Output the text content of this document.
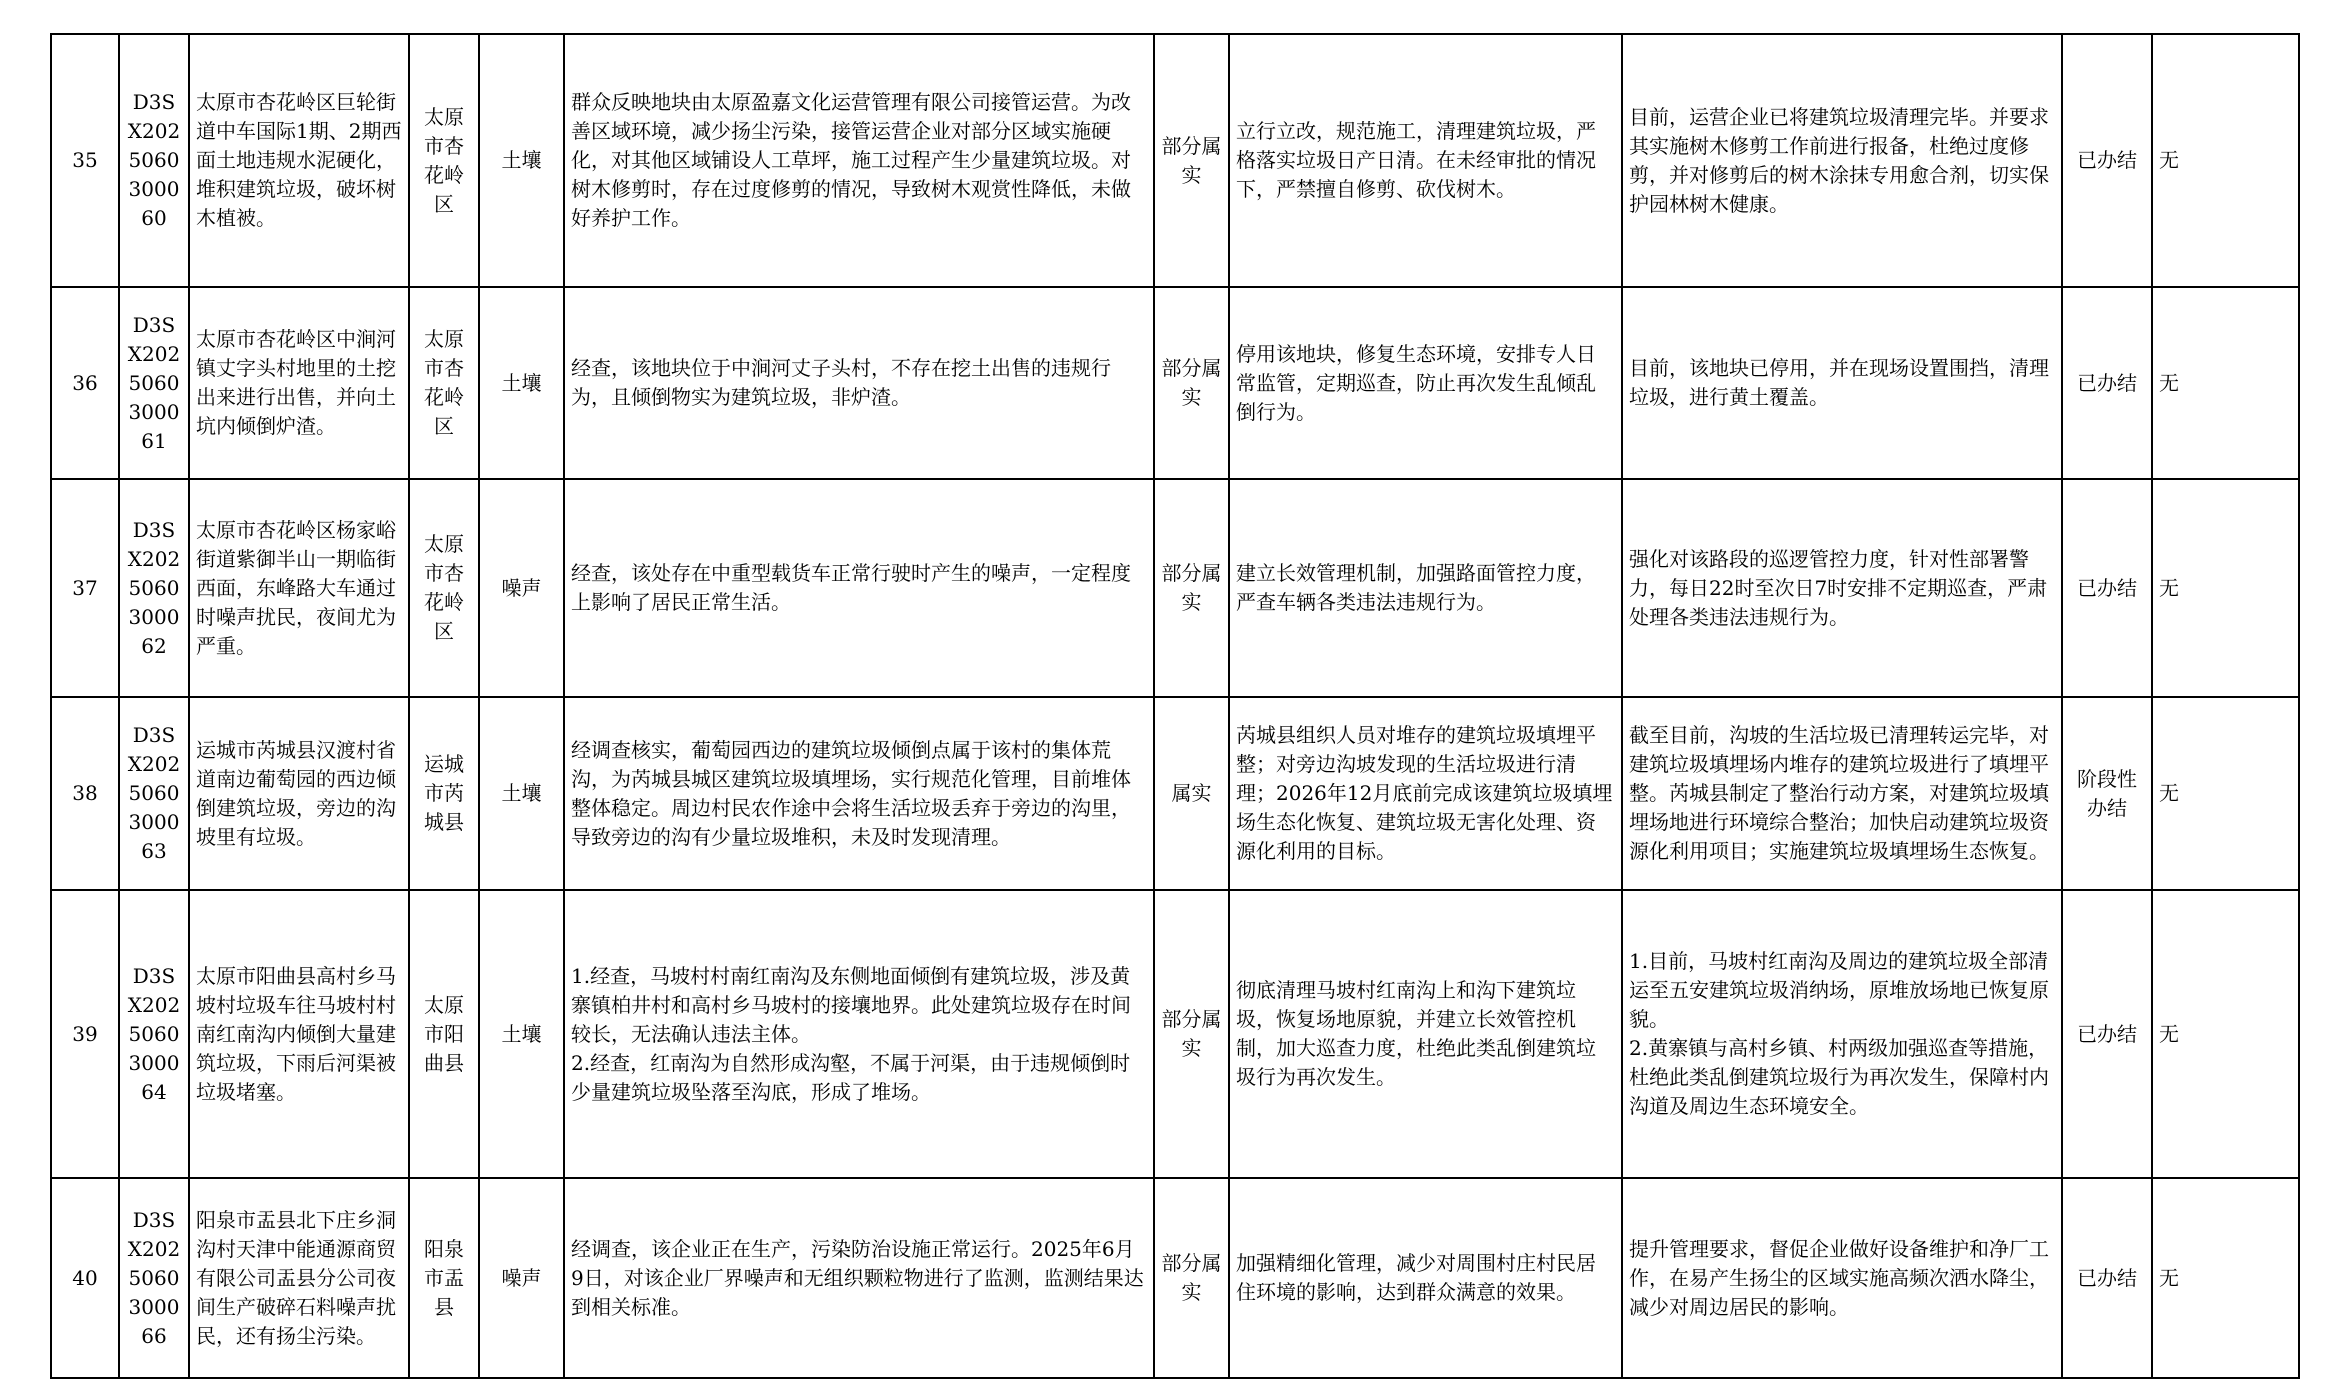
35	D3SX2025060300060	太原市杏花岭区巨轮街道中车国际1期、2期西面土地违规水泥硬化，堆积建筑垃圾，破坏树木植被。	太原市杏花岭区	土壤	群众反映地块由太原盈嘉文化运营管理有限公司接管运营。为改善区域环境，减少扬尘污染，接管运营企业对部分区域实施硬化，对其他区域铺设人工草坪，施工过程产生少量建筑垃圾。对树木修剪时，存在过度修剪的情况，导致树木观赏性降低，未做好养护工作。	部分属实	立行立改，规范施工，清理建筑垃圾，严格落实垃圾日产日清。在未经审批的情况下，严禁擅自修剪、砍伐树木。	目前，运营企业已将建筑垃圾清理完毕。并要求其实施树木修剪工作前进行报备，杜绝过度修剪，并对修剪后的树木涂抹专用愈合剂，切实保护园林树木健康。	已办结	无
36	D3SX2025060300061	太原市杏花岭区中涧河镇丈字头村地里的土挖出来进行出售，并向土坑内倾倒炉渣。	太原市杏花岭区	土壤	经查，该地块位于中涧河丈子头村，不存在挖土出售的违规行为，且倾倒物实为建筑垃圾，非炉渣。	部分属实	停用该地块，修复生态环境，安排专人日常监管，定期巡查，防止再次发生乱倾乱倒行为。	目前，该地块已停用，并在现场设置围挡，清理垃圾，进行黄土覆盖。	已办结	无
37	D3SX2025060300062	太原市杏花岭区杨家峪街道紫御半山一期临街西面，东峰路大车通过时噪声扰民，夜间尤为严重。	太原市杏花岭区	噪声	经查，该处存在中重型载货车正常行驶时产生的噪声，一定程度上影响了居民正常生活。	部分属实	建立长效管理机制，加强路面管控力度，严查车辆各类违法违规行为。	强化对该路段的巡逻管控力度，针对性部署警力，每日22时至次日7时安排不定期巡查，严肃处理各类违法违规行为。	已办结	无
38	D3SX2025060300063	运城市芮城县汉渡村省道南边葡萄园的西边倾倒建筑垃圾，旁边的沟坡里有垃圾。	运城市芮城县	土壤	经调查核实，葡萄园西边的建筑垃圾倾倒点属于该村的集体荒沟，为芮城县城区建筑垃圾填埋场，实行规范化管理，目前堆体整体稳定。周边村民农作途中会将生活垃圾丢弃于旁边的沟里，导致旁边的沟有少量垃圾堆积，未及时发现清理。	属实	芮城县组织人员对堆存的建筑垃圾填埋平整；对旁边沟坡发现的生活垃圾进行清理；2026年12月底前完成该建筑垃圾填埋场生态化恢复、建筑垃圾无害化处理、资源化利用的目标。	截至目前，沟坡的生活垃圾已清理转运完毕，对建筑垃圾填埋场内堆存的建筑垃圾进行了填埋平整。芮城县制定了整治行动方案，对建筑垃圾填埋场地进行环境综合整治；加快启动建筑垃圾资源化利用项目；实施建筑垃圾填埋场生态恢复。	阶段性办结	无
39	D3SX2025060300064	太原市阳曲县高村乡马坡村垃圾车往马坡村村南红南沟内倾倒大量建筑垃圾，下雨后河渠被垃圾堵塞。	太原市阳曲县	土壤	1.经查，马坡村村南红南沟及东侧地面倾倒有建筑垃圾，涉及黄寨镇柏井村和高村乡马坡村的接壤地界。此处建筑垃圾存在时间较长，无法确认违法主体。
2.经查，红南沟为自然形成沟壑，不属于河渠，由于违规倾倒时少量建筑垃圾坠落至沟底，形成了堆场。	部分属实	彻底清理马坡村红南沟上和沟下建筑垃圾，恢复场地原貌，并建立长效管控机制，加大巡查力度，杜绝此类乱倒建筑垃圾行为再次发生。	1.目前，马坡村红南沟及周边的建筑垃圾全部清运至五安建筑垃圾消纳场，原堆放场地已恢复原貌。
2.黄寨镇与高村乡镇、村两级加强巡查等措施，杜绝此类乱倒建筑垃圾行为再次发生，保障村内沟道及周边生态环境安全。	已办结	无
40	D3SX2025060300066	阳泉市盂县北下庄乡洞沟村天津中能通源商贸有限公司盂县分公司夜间生产破碎石料噪声扰民，还有扬尘污染。	阳泉市盂县	噪声	经调查，该企业正在生产，污染防治设施正常运行。2025年6月9日，对该企业厂界噪声和无组织颗粒物进行了监测，监测结果达到相关标准。	部分属实	加强精细化管理，减少对周围村庄村民居住环境的影响，达到群众满意的效果。	提升管理要求，督促企业做好设备维护和净厂工作，在易产生扬尘的区域实施高频次洒水降尘，减少对周边居民的影响。	已办结	无
